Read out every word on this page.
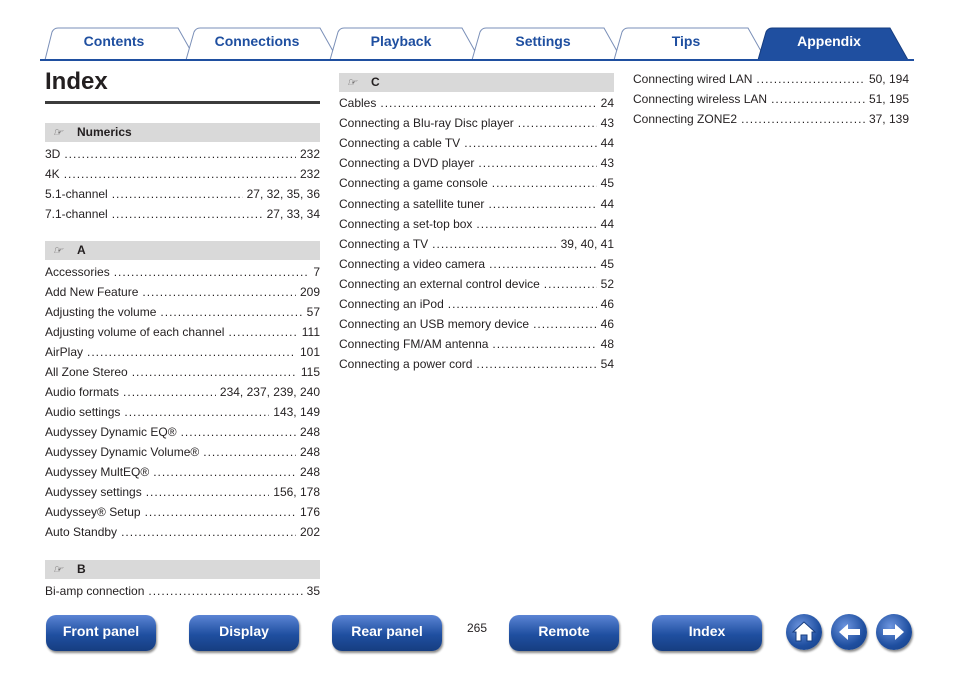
Contents	Connections	Playback	Settings	Tips	Appendix
Index
☞ Numerics
3D .....	232
4K .....	232
5.1-channel .....	27, 32, 35, 36
7.1-channel .....	27, 33, 34
☞ A
Accessories .....	7
Add New Feature .....	209
Adjusting the volume .....	57
Adjusting volume of each channel .....	111
AirPlay .....	101
All Zone Stereo .....	115
Audio formats .....	234, 237, 239, 240
Audio settings .....	143, 149
Audyssey Dynamic EQ® .....	248
Audyssey Dynamic Volume® .....	248
Audyssey MultEQ® .....	248
Audyssey settings .....	156, 178
Audyssey® Setup .....	176
Auto Standby .....	202
☞ B
Bi-amp connection .....	35
☞ C
Cables .....	24
Connecting a Blu-ray Disc player .....	43
Connecting a cable TV .....	44
Connecting a DVD player .....	43
Connecting a game console .....	45
Connecting a satellite tuner .....	44
Connecting a set-top box .....	44
Connecting a TV .....	39, 40, 41
Connecting a video camera .....	45
Connecting an external control device .....	52
Connecting an iPod .....	46
Connecting an USB memory device .....	46
Connecting FM/AM antenna .....	48
Connecting a power cord .....	54
Connecting wired LAN .....	50, 194
Connecting wireless LAN .....	51, 195
Connecting ZONE2 .....	37, 139
Front panel	Display	Rear panel	265	Remote	Index
